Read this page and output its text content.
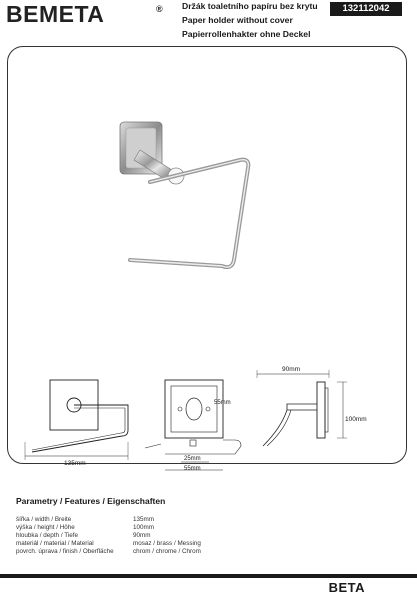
BEMETA	® Držák toaletního papíru bez krytu
Paper holder without cover
Papierrollenhakter ohne Deckel
132112042
135mm
55mm
25mm
55mm
90mm
100mm
Parametry / Features / Eigenschaften
šířka / width / Breite	135mm
výška / height / Höhe	100mm
hloubka / depth / Tiefe	90mm
materiál / material / Material	mosaz / brass / Messing
povrch. úprava / finish / Oberfläche	chrom / chrome / Chrom
BETA
